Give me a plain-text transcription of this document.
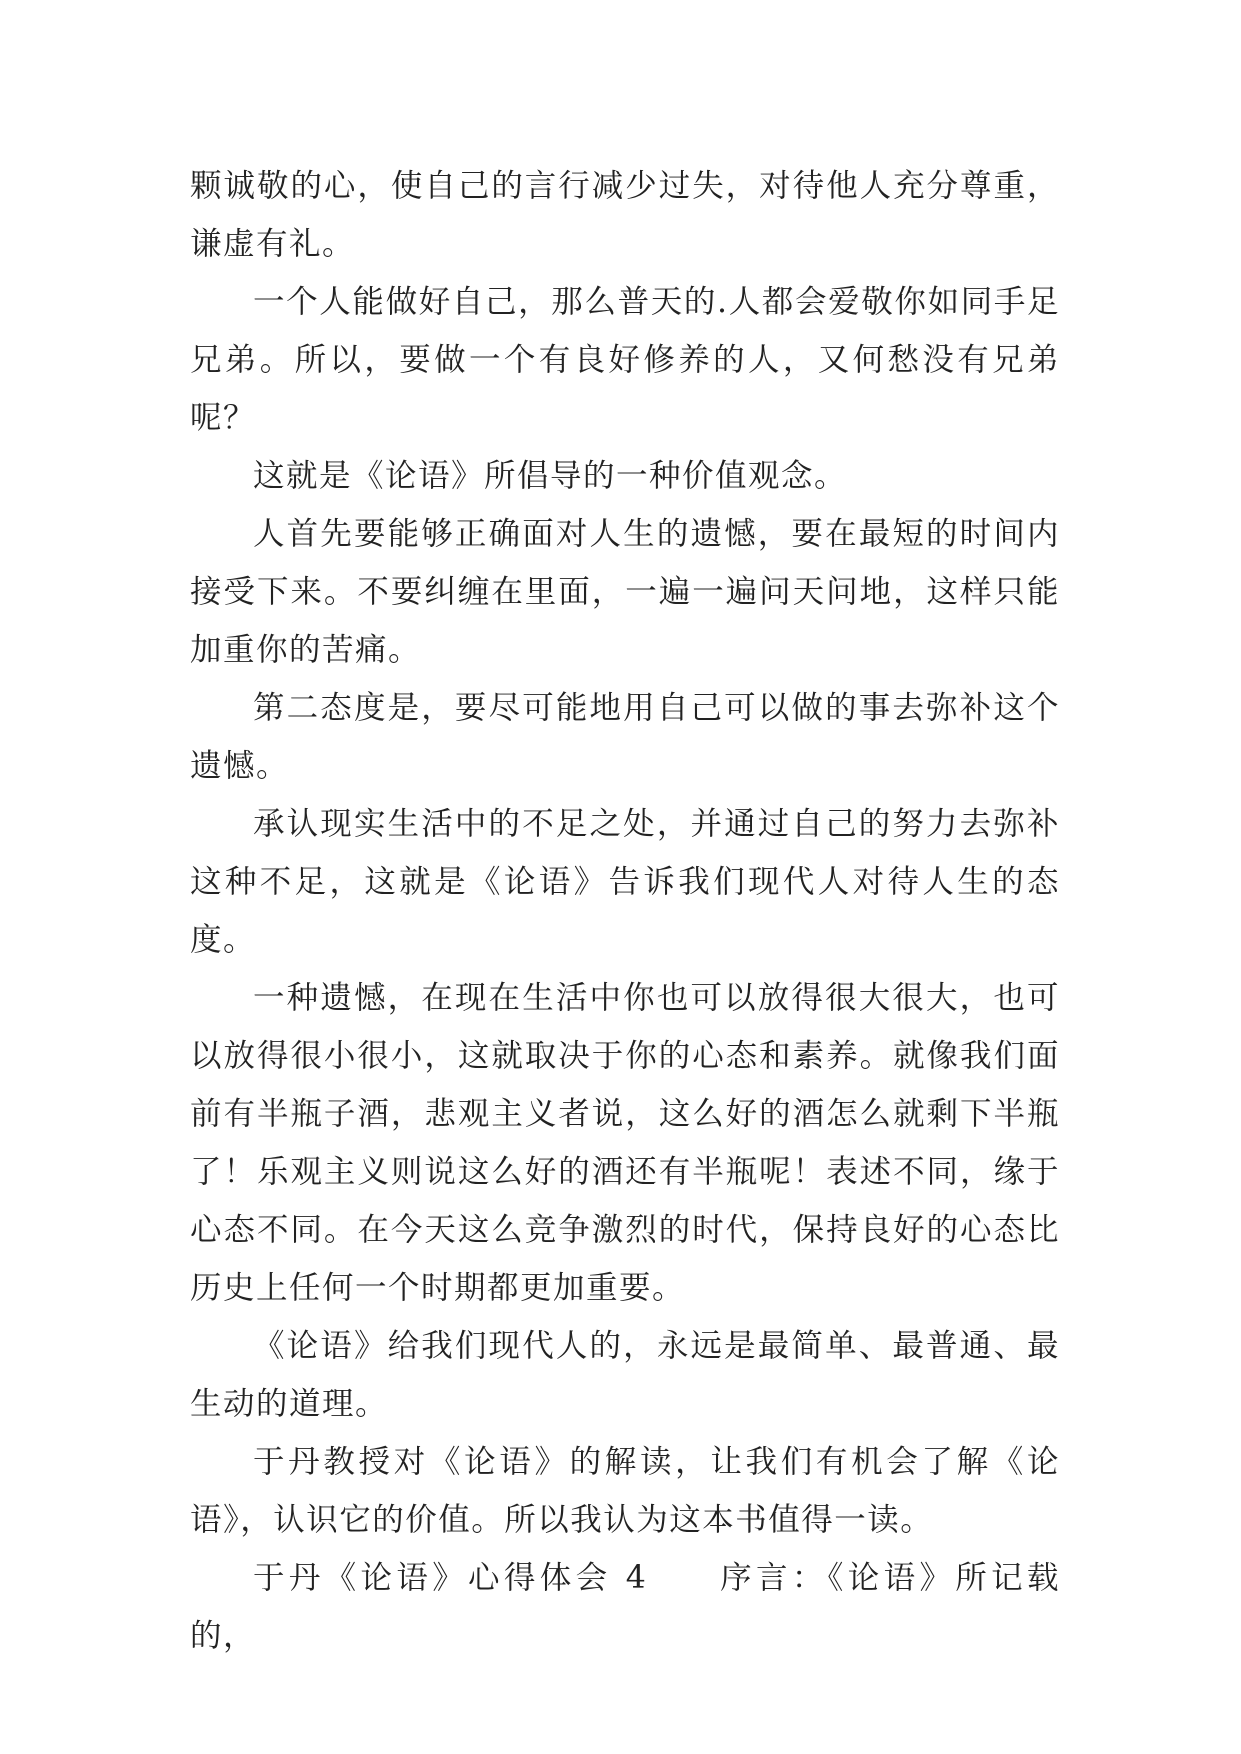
颗诚敬的心，使自己的言行减少过失，对待他人充分尊重，谦虚有礼。

一个人能做好自己，那么普天的.人都会爱敬你如同手足兄弟。所以，要做一个有良好修养的人，又何愁没有兄弟呢？

这就是《论语》所倡导的一种价值观念。

人首先要能够正确面对人生的遗憾，要在最短的时间内接受下来。不要纠缠在里面，一遍一遍问天问地，这样只能加重你的苦痛。

第二态度是，要尽可能地用自己可以做的事去弥补这个遗憾。

承认现实生活中的不足之处，并通过自己的努力去弥补这种不足，这就是《论语》告诉我们现代人对待人生的态度。

一种遗憾，在现在生活中你也可以放得很大很大，也可以放得很小很小，这就取决于你的心态和素养。就像我们面前有半瓶子酒，悲观主义者说，这么好的酒怎么就剩下半瓶了！乐观主义则说这么好的酒还有半瓶呢！表述不同，缘于心态不同。在今天这么竞争激烈的时代，保持良好的心态比历史上任何一个时期都更加重要。

《论语》给我们现代人的，永远是最简单、最普通、最生动的道理。

于丹教授对《论语》的解读，让我们有机会了解《论语》，认识它的价值。所以我认为这本书值得一读。

于丹《论语》心得体会 4 序言：《论语》所记载的，
